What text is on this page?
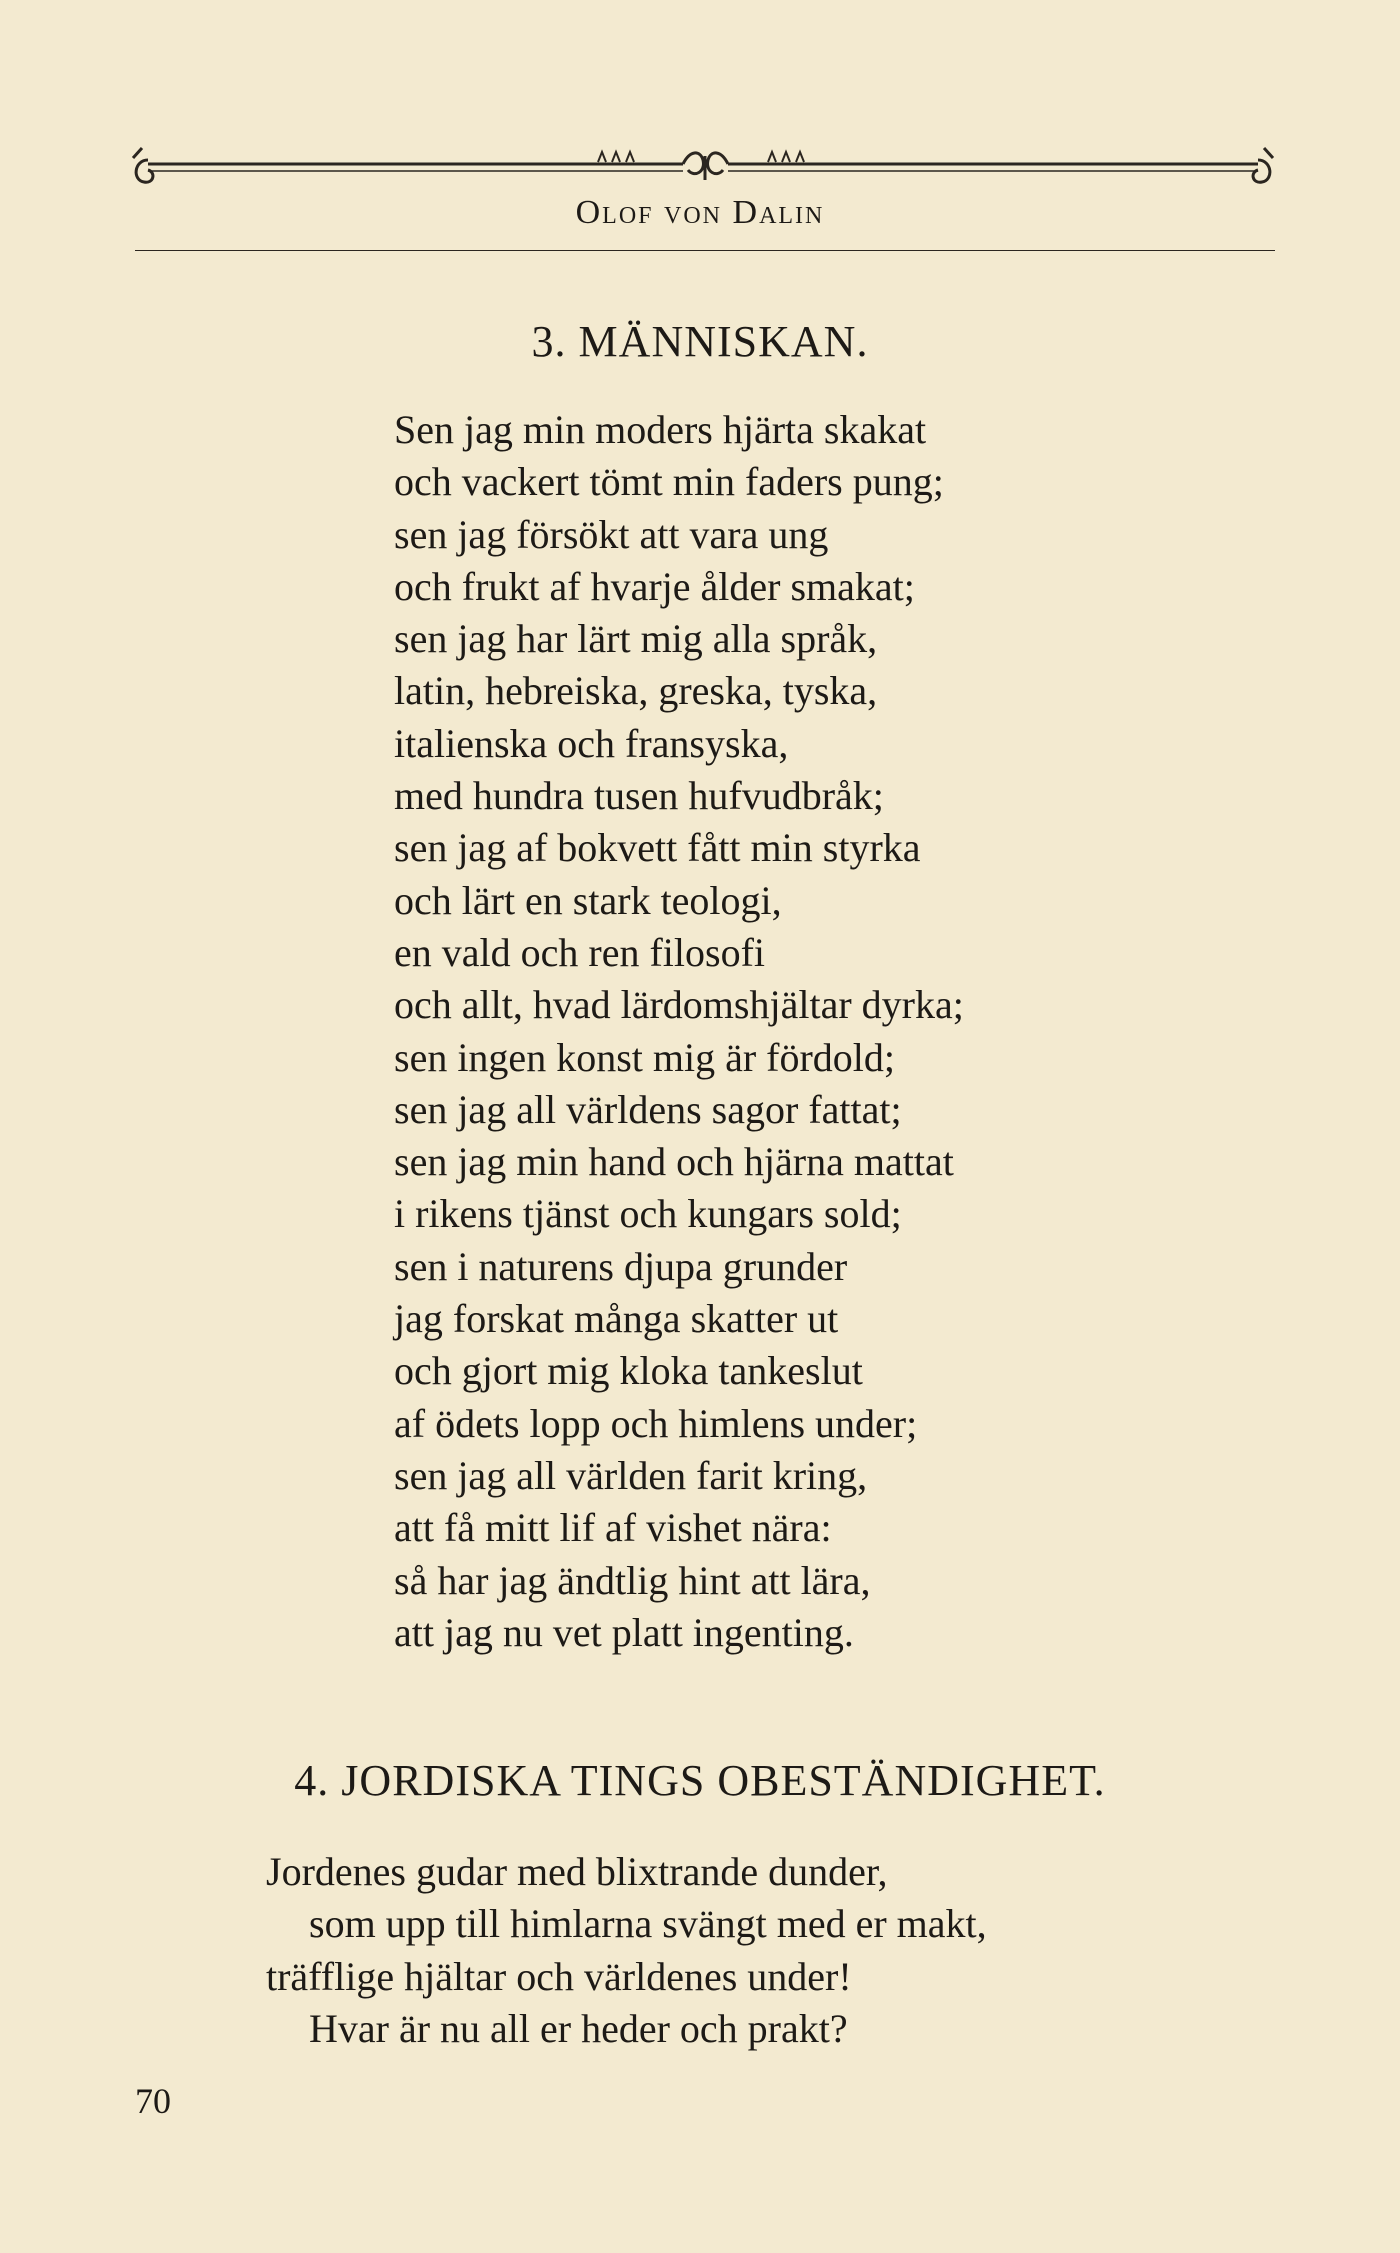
Olof von Dalin
3. MÄNNISKAN.
Sen jag min moders hjärta skakat
och vackert tömt min faders pung;
sen jag försökt att vara ung
och frukt af hvarje ålder smakat;
sen jag har lärt mig alla språk,
latin, hebreiska, greska, tyska,
italienska och fransyska,
med hundra tusen hufvudbråk;
sen jag af bokvett fått min styrka
och lärt en stark teologi,
en vald och ren filosofi
och allt, hvad lärdomshjältar dyrka;
sen ingen konst mig är fördold;
sen jag all världens sagor fattat;
sen jag min hand och hjärna mattat
i rikens tjänst och kungars sold;
sen i naturens djupa grunder
jag forskat många skatter ut
och gjort mig kloka tankeslut
af ödets lopp och himlens under;
sen jag all världen farit kring,
att få mitt lif af vishet nära:
så har jag ändtlig hint att lära,
att jag nu vet platt ingenting.
4. JORDISKA TINGS OBESTÄNDIGHET.
Jordenes gudar med blixtrande dunder,
som upp till himlarna svängt med er makt,
träfflige hjältar och världenes under!
Hvar är nu all er heder och prakt?
70
